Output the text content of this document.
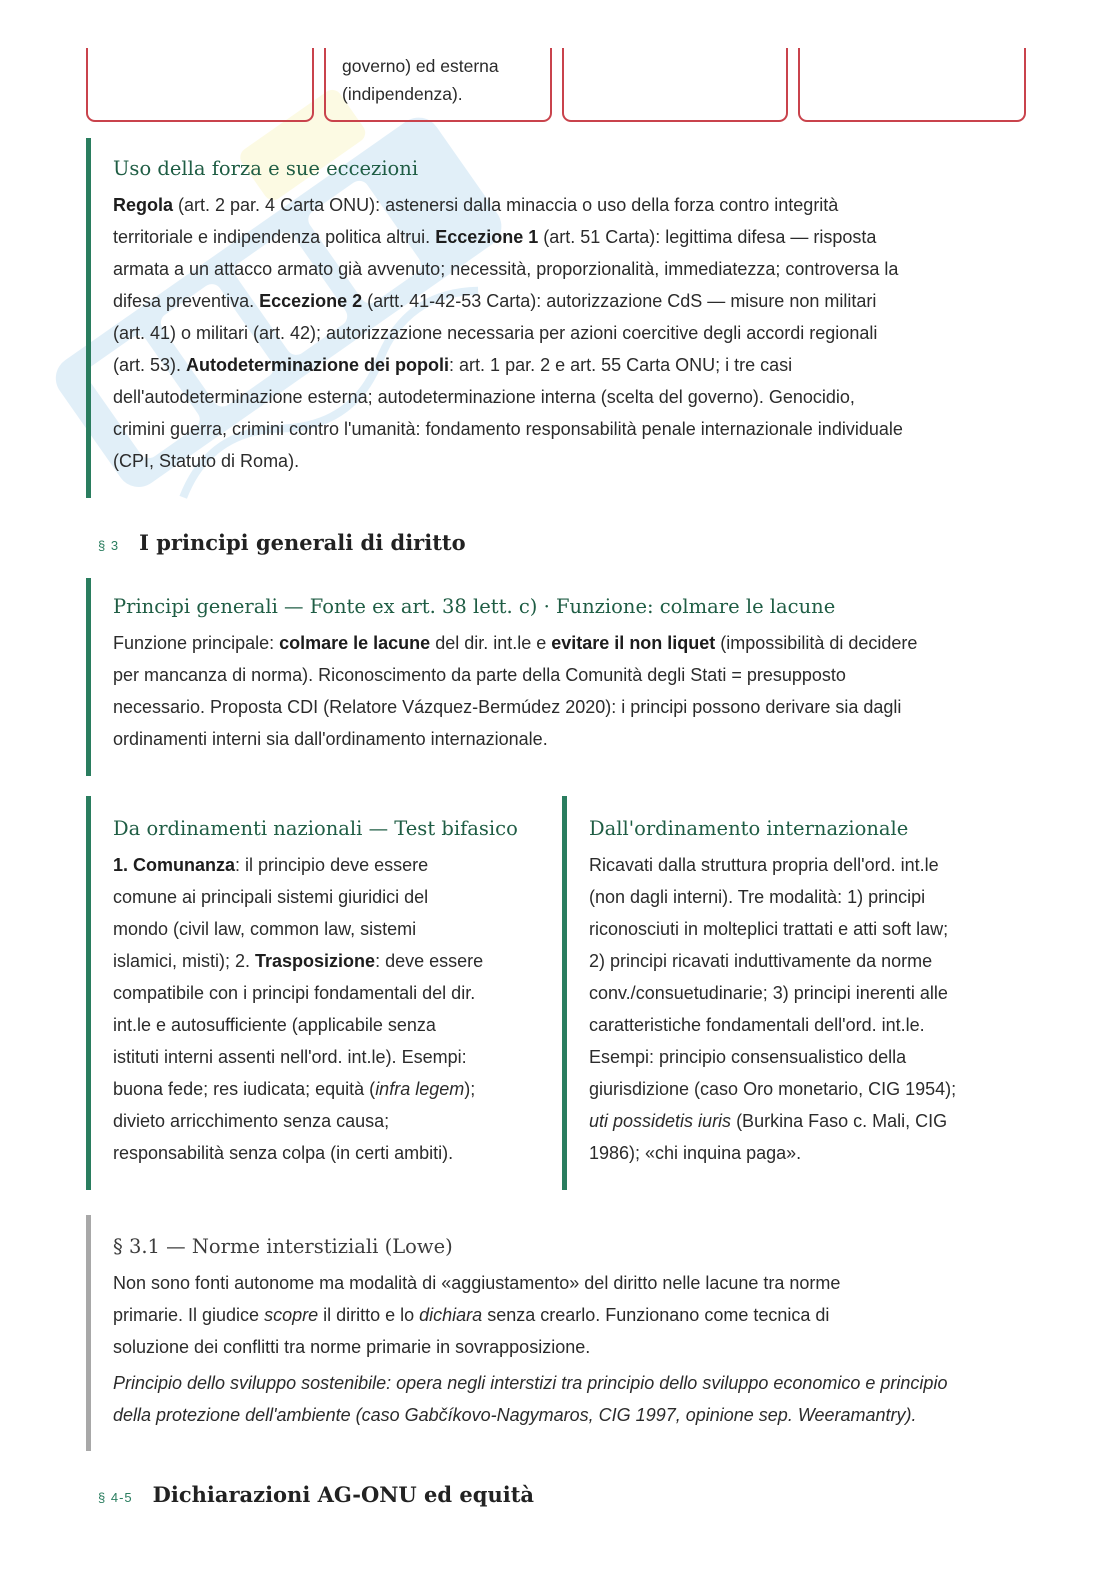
governo) ed esterna
(indipendenza).
Uso della forza e sue eccezioni

Regola (art. 2 par. 4 Carta ONU): astenersi dalla minaccia o uso della forza contro integrità

territoriale e indipendenza politica altrui. Eccezione 1 (art. 51 Carta): legittima difesa — risposta

armata a un attacco armato già avvenuto; necessità, proporzionalità, immediatezza; controversa la

difesa preventiva. Eccezione 2 (artt. 41-42-53 Carta): autorizzazione CdS — misure non militari

(art. 41) o militari (art. 42); autorizzazione necessaria per azioni coercitive degli accordi regionali

(art. 53). Autodeterminazione dei popoli: art. 1 par. 2 e art. 55 Carta ONU; i tre casi

dell'autodeterminazione esterna; autodeterminazione interna (scelta del governo). Genocidio,

crimini guerra, crimini contro l'umanità: fondamento responsabilità penale internazionale individuale

(CPI, Statuto di Roma).

§ 3 I principi generali di diritto
Principi generali — Fonte ex art. 38 lett. c) · Funzione: colmare le lacune

Funzione principale: colmare le lacune del dir. int.le e evitare il non liquet (impossibilità di decidere

per mancanza di norma). Riconoscimento da parte della Comunità degli Stati = presupposto

necessario. Proposta CDI (Relatore Vázquez-Bermúdez 2020): i principi possono derivare sia dagli

ordinamenti interni sia dall'ordinamento internazionale.

Da ordinamenti nazionali — Test bifasico

1. Comunanza: il principio deve essere

comune ai principali sistemi giuridici del

mondo (civil law, common law, sistemi

islamici, misti); 2. Trasposizione: deve essere

compatibile con i principi fondamentali del dir.

int.le e autosufficiente (applicabile senza

istituti interni assenti nell'ord. int.le). Esempi:

buona fede; res iudicata; equità (infra legem);

divieto arricchimento senza causa;

responsabilità senza colpa (in certi ambiti).

Dall'ordinamento internazionale

Ricavati dalla struttura propria dell'ord. int.le

(non dagli interni). Tre modalità: 1) principi

riconosciuti in molteplici trattati e atti soft law;

2) principi ricavati induttivamente da norme

conv./consuetudinarie; 3) principi inerenti alle

caratteristiche fondamentali dell'ord. int.le.

Esempi: principio consensualistico della

giurisdizione (caso Oro monetario, CIG 1954);

uti possidetis iuris (Burkina Faso c. Mali, CIG

1986); «chi inquina paga».

§ 3.1 — Norme interstiziali (Lowe)

Non sono fonti autonome ma modalità di «aggiustamento» del diritto nelle lacune tra norme

primarie. Il giudice scopre il diritto e lo dichiara senza crearlo. Funzionano come tecnica di

soluzione dei conflitti tra norme primarie in sovrapposizione.

Principio dello sviluppo sostenibile: opera negli interstizi tra principio dello sviluppo economico e principio

della protezione dell'ambiente (caso Gabčíkovo-Nagymaros, CIG 1997, opinione sep. Weeramantry).

§ 4-5 Dichiarazioni AG-ONU ed equità
